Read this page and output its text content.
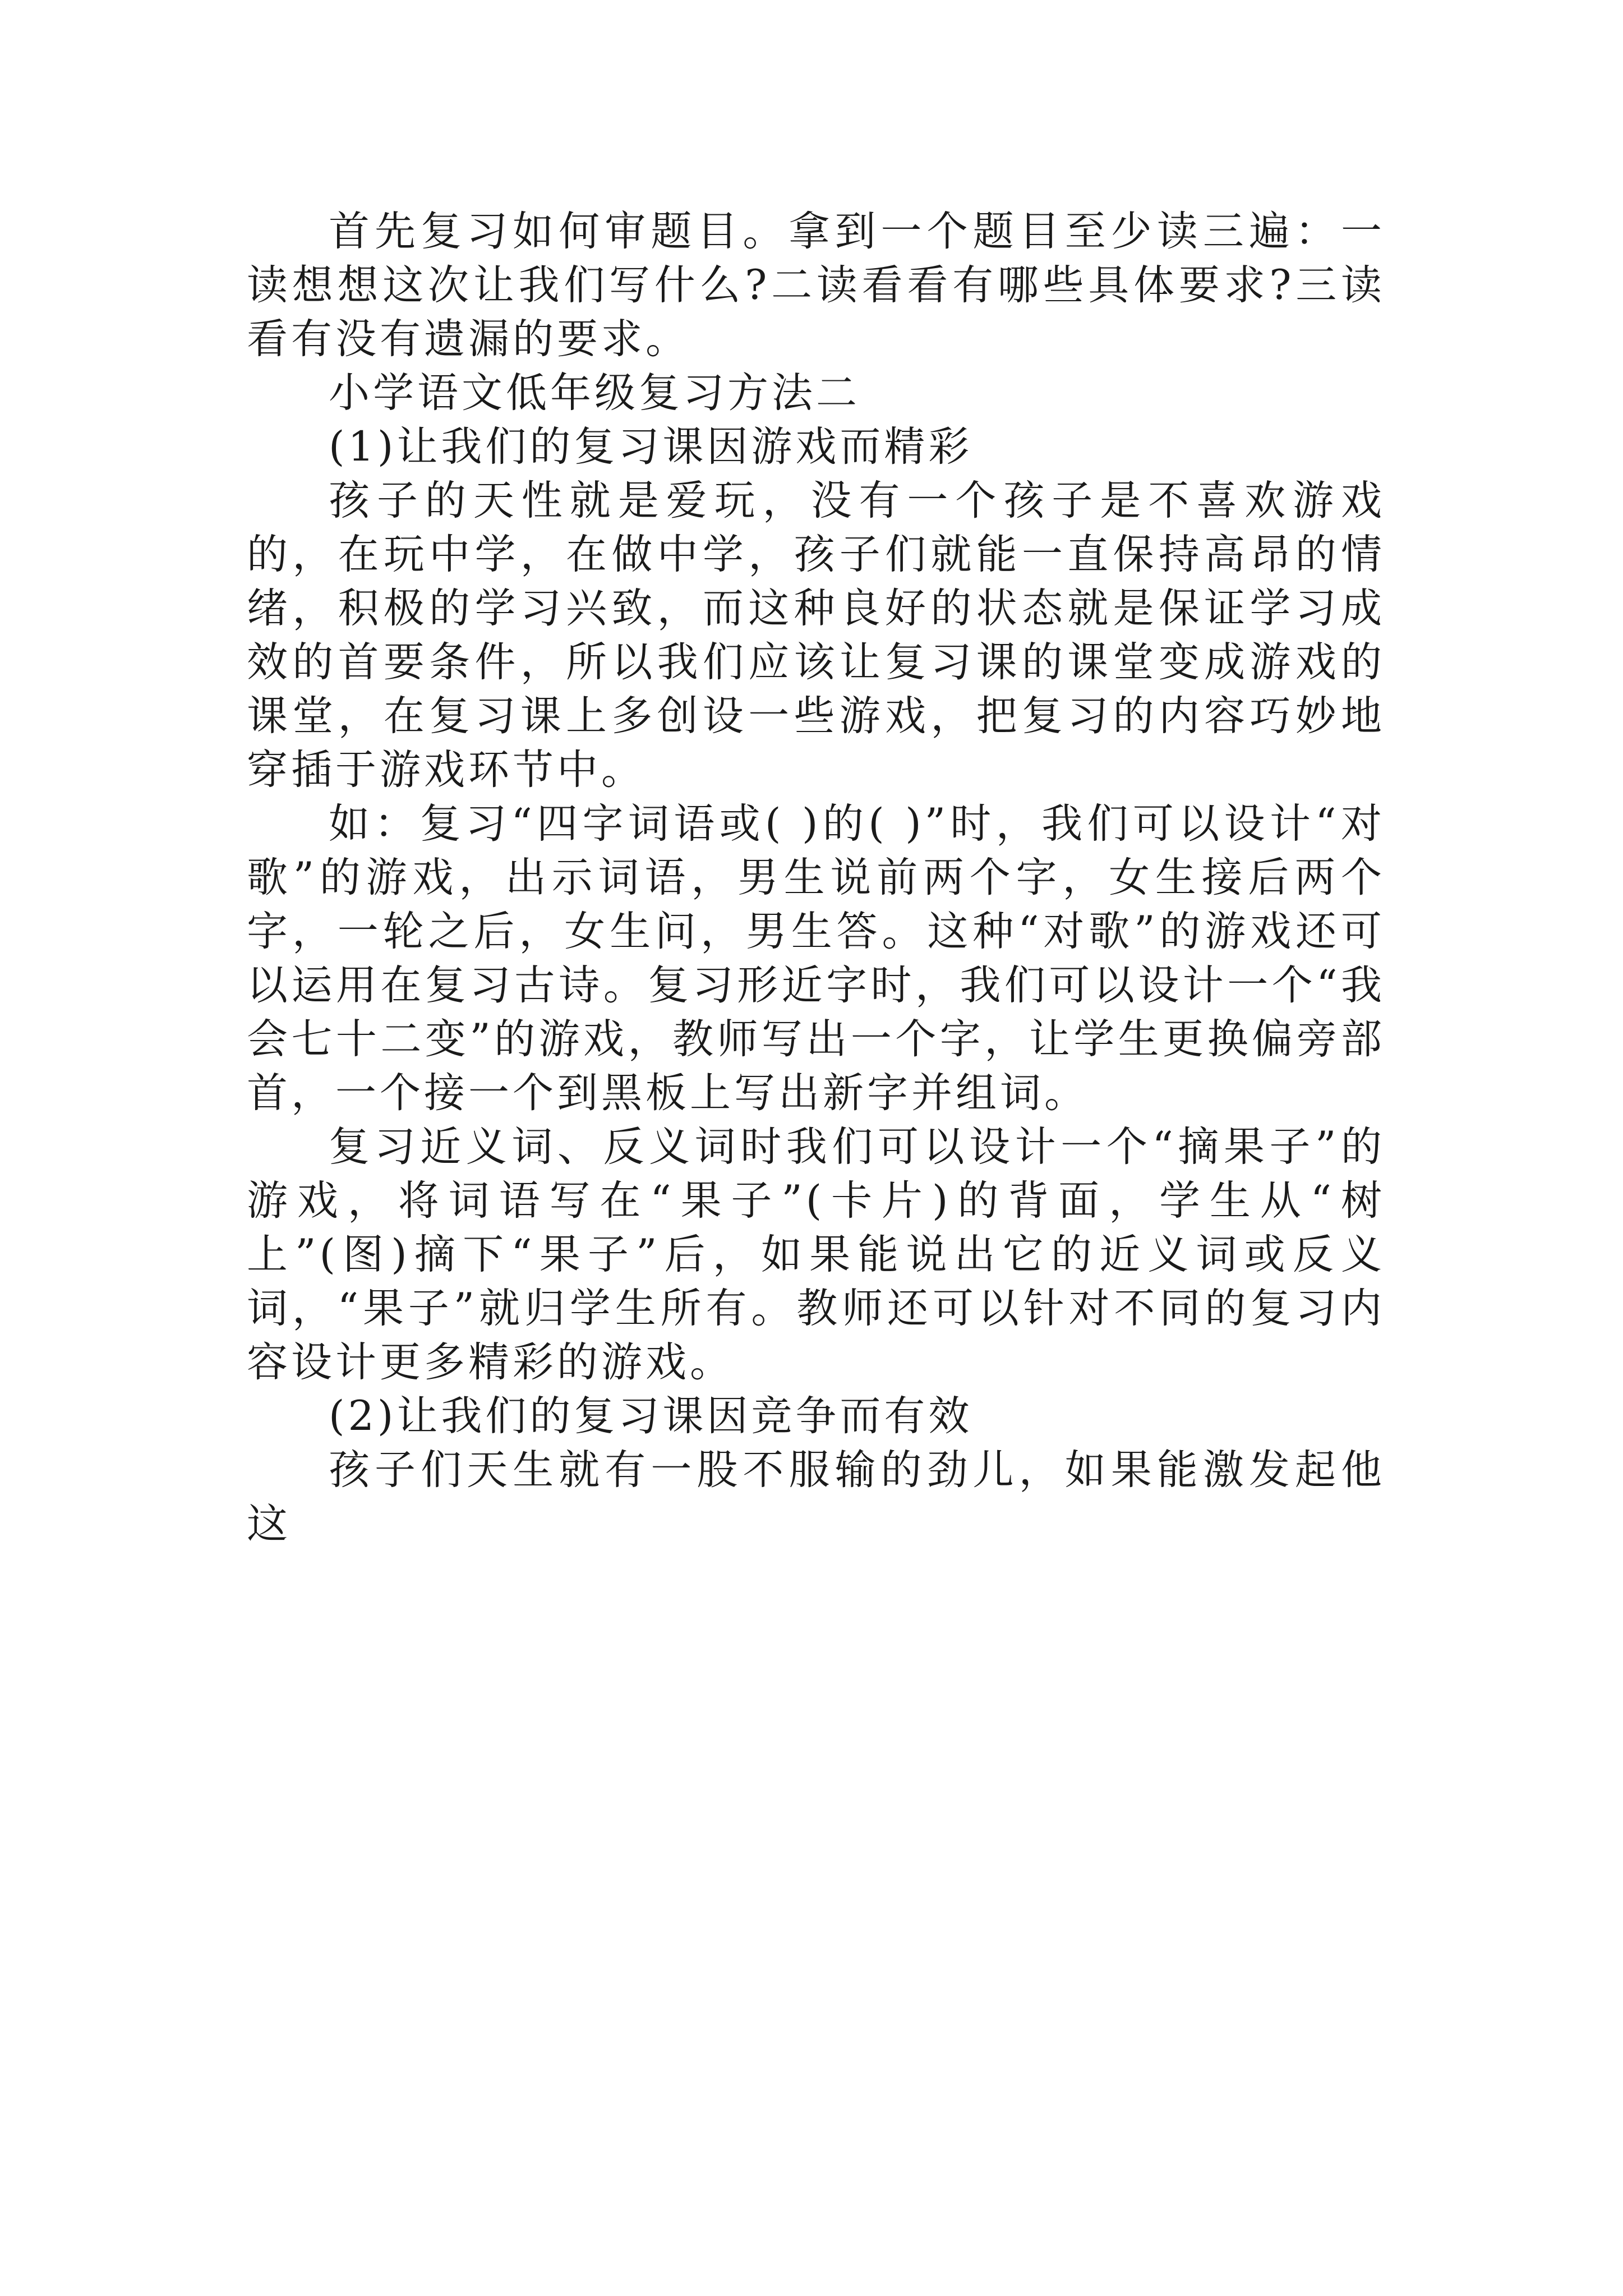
首先复习如何审题目。拿到一个题目至少读三遍：一读想想这次让我们写什么?二读看看有哪些具体要求?三读看有没有遗漏的要求。

小学语文低年级复习方法二

(1)让我们的复习课因游戏而精彩

孩子的天性就是爱玩，没有一个孩子是不喜欢游戏的，在玩中学，在做中学，孩子们就能一直保持高昂的情绪，积极的学习兴致，而这种良好的状态就是保证学习成效的首要条件，所以我们应该让复习课的课堂变成游戏的课堂，在复习课上多创设一些游戏，把复习的内容巧妙地穿插于游戏环节中。

如：复习“四字词语或( )的( )”时，我们可以设计“对歌”的游戏，出示词语，男生说前两个字，女生接后两个字，一轮之后，女生问，男生答。这种“对歌”的游戏还可以运用在复习古诗。复习形近字时，我们可以设计一个“我会七十二变”的游戏，教师写出一个字，让学生更换偏旁部首，一个接一个到黑板上写出新字并组词。

复习近义词、反义词时我们可以设计一个“摘果子”的游戏，将词语写在“果子”(卡片)的背面，学生从“树上”(图)摘下“果子”后，如果能说出它的近义词或反义词，“果子”就归学生所有。教师还可以针对不同的复习内容设计更多精彩的游戏。

(2)让我们的复习课因竞争而有效

孩子们天生就有一股不服输的劲儿，如果能激发起他这
